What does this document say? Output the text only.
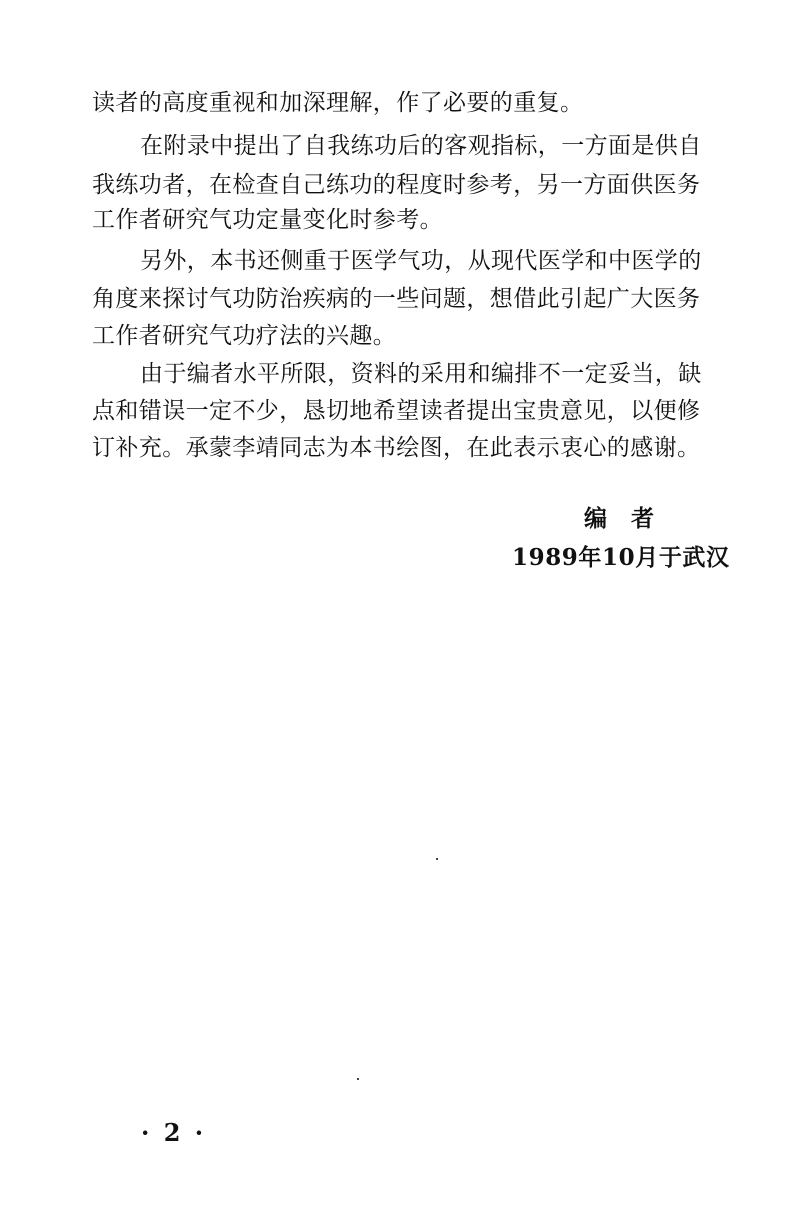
读者的高度重视和加深理解，作了必要的重复。
在附录中提出了自我练功后的客观指标，一方面是供自
我练功者，在检查自己练功的程度时参考，另一方面供医务
工作者研究气功定量变化时参考。
另外，本书还侧重于医学气功，从现代医学和中医学的
角度来探讨气功防治疾病的一些问题，想借此引起广大医务
工作者研究气功疗法的兴趣。
由于编者水平所限，资料的采用和编排不一定妥当，缺
点和错误一定不少，恳切地希望读者提出宝贵意见，以便修
订补充。承蒙李靖同志为本书绘图，在此表示衷心的感谢。
编者
1989年10月于武汉
· 2 ·
